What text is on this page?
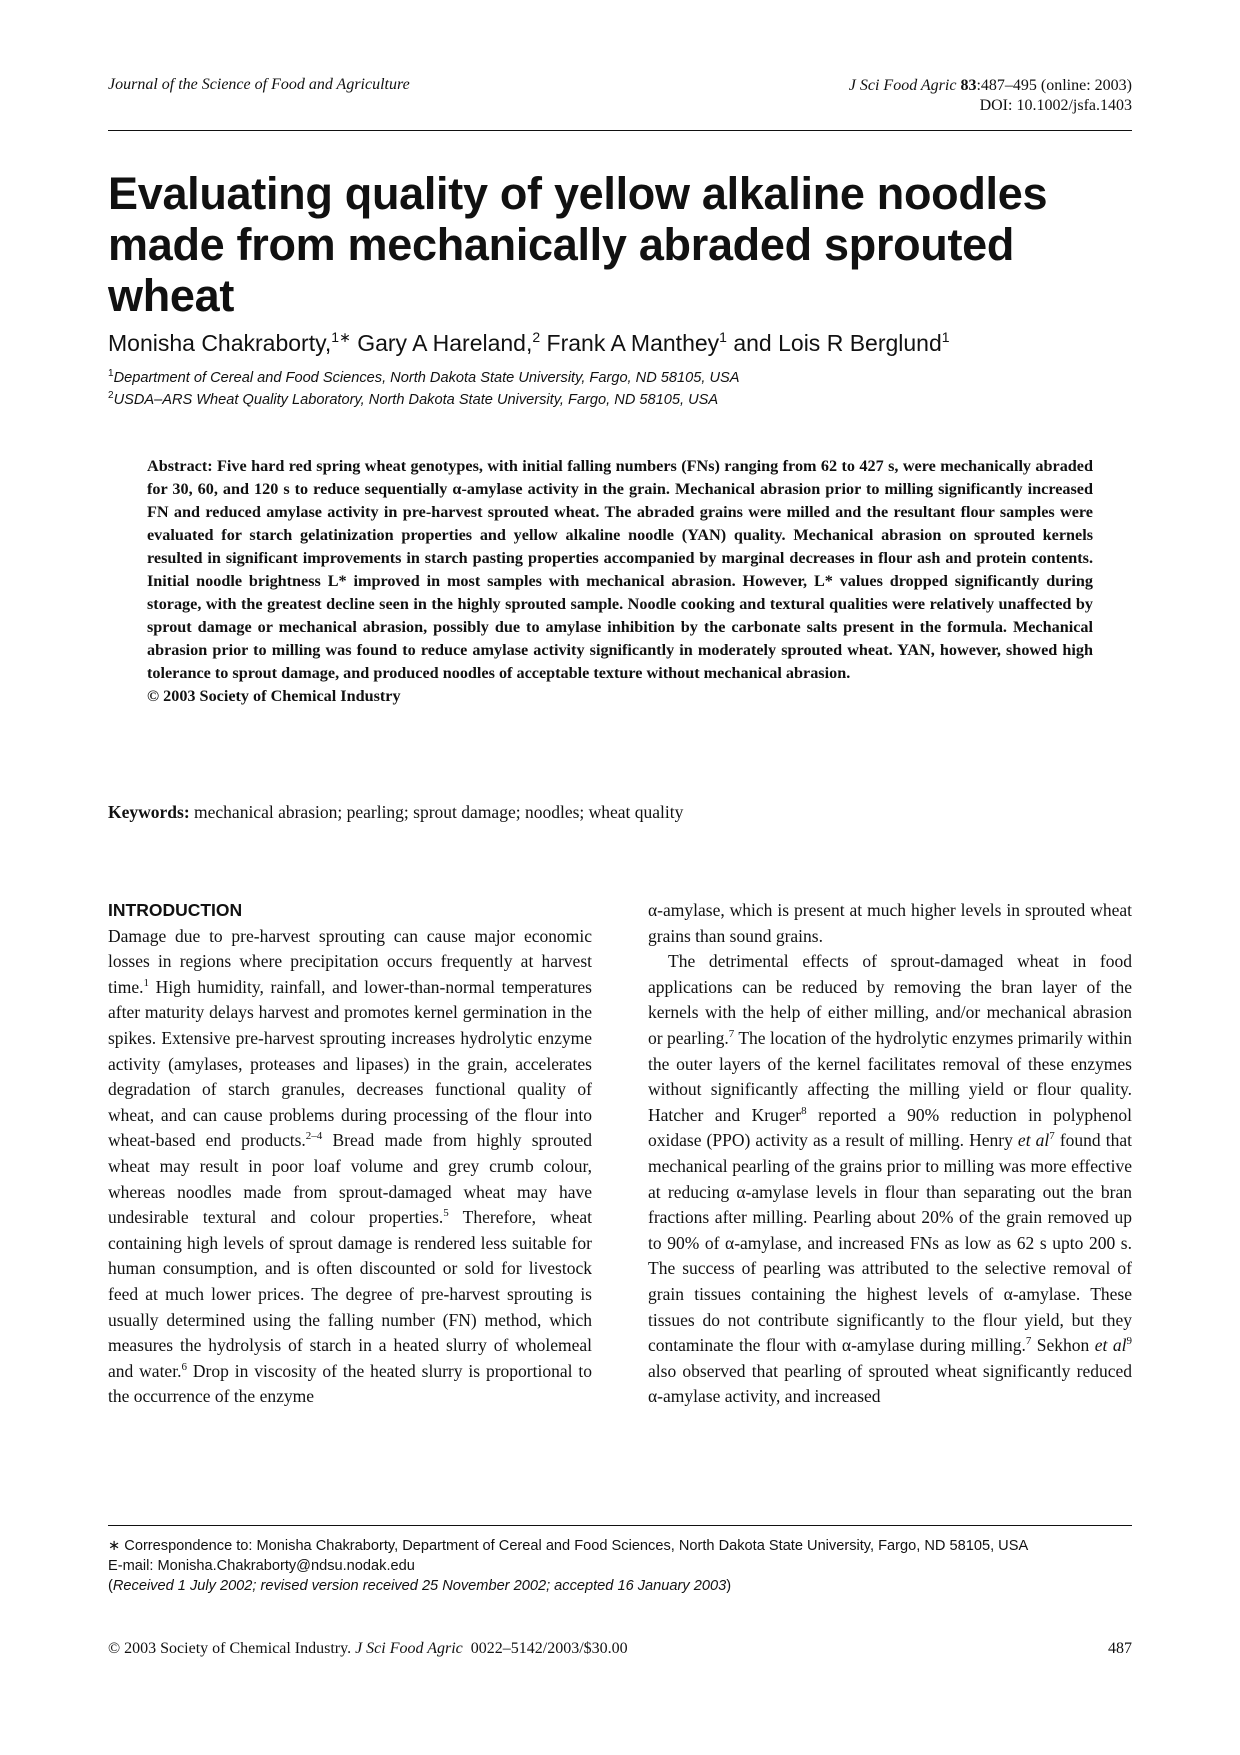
Journal of the Science of Food and Agriculture	J Sci Food Agric 83:487–495 (online: 2003)
DOI: 10.1002/jsfa.1403
Evaluating quality of yellow alkaline noodles made from mechanically abraded sprouted wheat
Monisha Chakraborty,$^{1∗}$ Gary A Hareland,$^2$ Frank A Manthey$^1$ and Lois R Berglund$^1$
$^1$Department of Cereal and Food Sciences, North Dakota State University, Fargo, ND 58105, USA
$^2$USDA–ARS Wheat Quality Laboratory, North Dakota State University, Fargo, ND 58105, USA
Abstract: Five hard red spring wheat genotypes, with initial falling numbers (FNs) ranging from 62 to 427 s, were mechanically abraded for 30, 60, and 120 s to reduce sequentially α-amylase activity in the grain. Mechanical abrasion prior to milling significantly increased FN and reduced amylase activity in pre-harvest sprouted wheat. The abraded grains were milled and the resultant flour samples were evaluated for starch gelatinization properties and yellow alkaline noodle (YAN) quality. Mechanical abrasion on sprouted kernels resulted in significant improvements in starch pasting properties accompanied by marginal decreases in flour ash and protein contents. Initial noodle brightness L* improved in most samples with mechanical abrasion. However, L* values dropped significantly during storage, with the greatest decline seen in the highly sprouted sample. Noodle cooking and textural qualities were relatively unaffected by sprout damage or mechanical abrasion, possibly due to amylase inhibition by the carbonate salts present in the formula. Mechanical abrasion prior to milling was found to reduce amylase activity significantly in moderately sprouted wheat. YAN, however, showed high tolerance to sprout damage, and produced noodles of acceptable texture without mechanical abrasion.
© 2003 Society of Chemical Industry
Keywords: mechanical abrasion; pearling; sprout damage; noodles; wheat quality
INTRODUCTION

Damage due to pre-harvest sprouting can cause major economic losses in regions where precipitation occurs frequently at harvest time.$^1$ High humidity, rainfall, and lower-than-normal temperatures after maturity delays harvest and promotes kernel germination in the spikes. Extensive pre-harvest sprouting increases hydrolytic enzyme activity (amylases, proteases and lipases) in the grain, accelerates degradation of starch granules, decreases functional quality of wheat, and can cause problems during processing of the flour into wheat-based end products.$^{2-4}$ Bread made from highly sprouted wheat may result in poor loaf volume and grey crumb colour, whereas noodles made from sprout-damaged wheat may have undesirable textural and colour properties.$^5$ Therefore, wheat containing high levels of sprout damage is rendered less suitable for human consumption, and is often discounted or sold for livestock feed at much lower prices. The degree of pre-harvest sprouting is usually determined using the falling number (FN) method, which measures the hydrolysis of starch in a heated slurry of wholemeal and water.$^6$ Drop in viscosity of the heated slurry is proportional to the occurrence of the enzyme

α-amylase, which is present at much higher levels in sprouted wheat grains than sound grains.

The detrimental effects of sprout-damaged wheat in food applications can be reduced by removing the bran layer of the kernels with the help of either milling, and/or mechanical abrasion or pearling.$^7$ The location of the hydrolytic enzymes primarily within the outer layers of the kernel facilitates removal of these enzymes without significantly affecting the milling yield or flour quality. Hatcher and Kruger$^8$ reported a 90% reduction in polyphenol oxidase (PPO) activity as a result of milling. Henry et $al^7$ found that mechanical pearling of the grains prior to milling was more effective at reducing α-amylase levels in flour than separating out the bran fractions after milling. Pearling about 20% of the grain removed up to 90% of α-amylase, and increased FNs as low as 62 s upto 200 s. The success of pearling was attributed to the selective removal of grain tissues containing the highest levels of α-amylase. These tissues do not contribute significantly to the flour yield, but they contaminate the flour with α-amylase during milling.$^7$ Sekhon et $al^9$ also observed that pearling of sprouted wheat significantly reduced α-amylase activity, and increased

∗ Correspondence to: Monisha Chakraborty, Department of Cereal and Food Sciences, North Dakota State University, Fargo, ND 58105, USA
E-mail: Monisha.Chakraborty@ndsu.nodak.edu
(Received 1 July 2002; revised version received 25 November 2002; accepted 16 January 2003)
© 2003 Society of Chemical Industry. J Sci Food Agric  0022–5142/2003/$30.00	487
